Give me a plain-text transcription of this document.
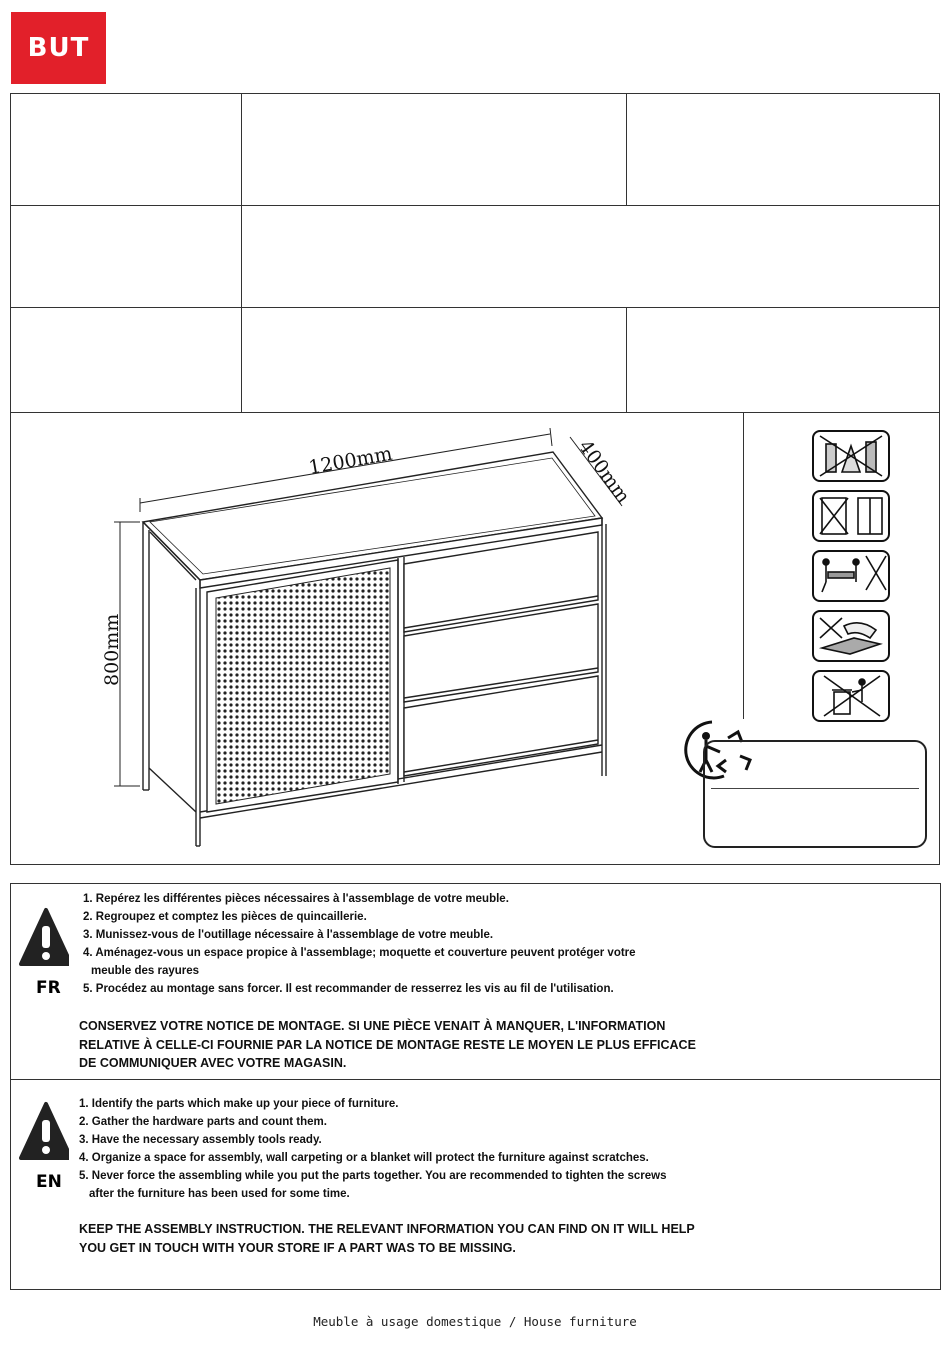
BUT
1200mm	400mm
800mm
FR
1. Repérez les différentes pièces nécessaires à l'assemblage de votre meuble.
2. Regroupez et comptez les pièces de quincaillerie.
3. Munissez-vous de l'outillage nécessaire à l'assemblage de votre meuble.
4. Aménagez-vous un espace propice à l'assemblage; moquette et couverture peuvent protéger votre
meuble des rayures
5. Procédez au montage sans forcer. Il est recommander de resserrez les vis au fil de l'utilisation.
CONSERVEZ VOTRE NOTICE DE MONTAGE. SI UNE PIÈCE VENAIT À MANQUER, L'INFORMATION
RELATIVE À CELLE-CI FOURNIE PAR LA NOTICE DE MONTAGE RESTE LE MOYEN LE PLUS EFFICACE
DE COMMUNIQUER AVEC VOTRE MAGASIN.
EN
1. Identify the parts which make up your piece of furniture.
2. Gather the hardware parts and count them.
3. Have the necessary assembly tools ready.
4. Organize a space for assembly, wall carpeting or a blanket will protect the furniture against scratches.
5. Never force the assembling while you put the parts together. You are recommended to tighten the screws
after the furniture has been used for some time.
KEEP THE ASSEMBLY INSTRUCTION. THE RELEVANT INFORMATION YOU CAN FIND ON IT WILL HELP
YOU GET IN TOUCH WITH YOUR STORE IF A PART WAS TO BE MISSING.
Meuble à usage domestique / House furniture
